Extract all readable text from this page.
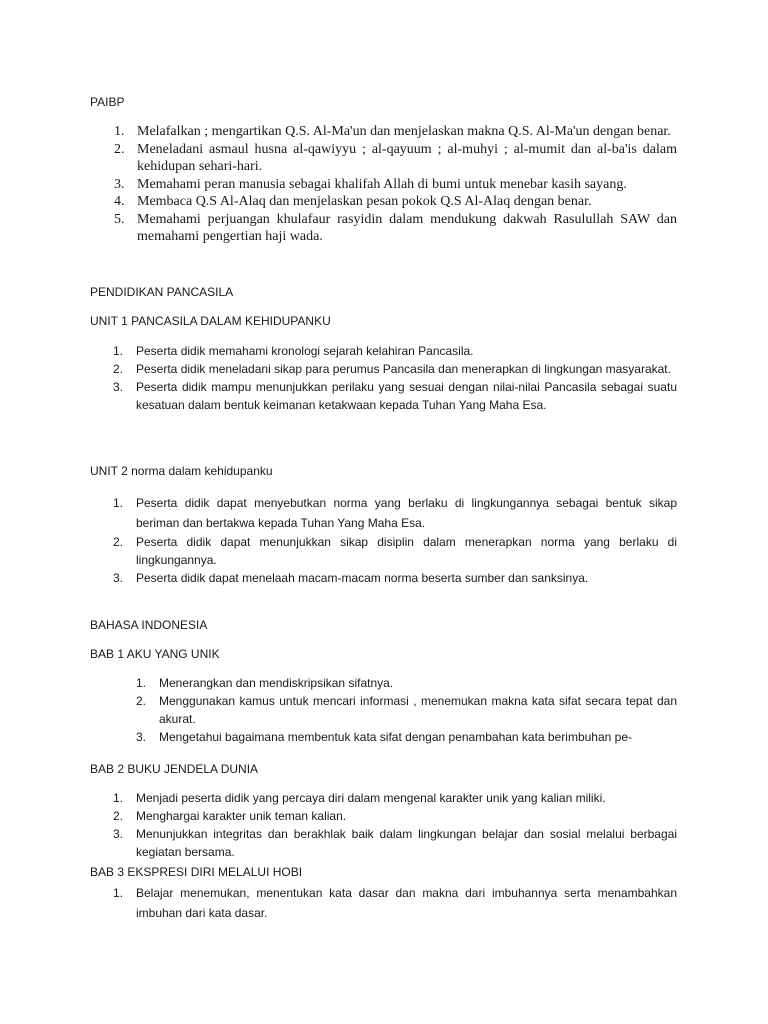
PAIBP
1. Melafalkan ; mengartikan Q.S. Al-Ma'un dan menjelaskan makna Q.S. Al-Ma'un dengan benar.
2. Meneladani asmaul husna al-qawiyyu ; al-qayuum ; al-muhyi ; al-mumit dan al-ba'is dalam kehidupan sehari-hari.
3. Memahami peran manusia sebagai khalifah Allah di bumi untuk menebar kasih sayang.
4. Membaca Q.S Al-Alaq dan menjelaskan pesan pokok Q.S Al-Alaq dengan benar.
5. Memahami perjuangan khulafaur rasyidin dalam mendukung dakwah Rasulullah SAW dan memahami pengertian haji wada.
PENDIDIKAN PANCASILA
UNIT 1 PANCASILA DALAM KEHIDUPANKU
1. Peserta didik memahami kronologi sejarah kelahiran Pancasila.
2. Peserta didik meneladani sikap para perumus Pancasila dan menerapkan di lingkungan masyarakat.
3. Peserta didik mampu menunjukkan perilaku yang sesuai dengan nilai-nilai Pancasila sebagai suatu kesatuan dalam bentuk keimanan ketakwaan kepada Tuhan Yang Maha Esa.
UNIT 2 norma dalam kehidupanku
1. Peserta didik dapat menyebutkan norma yang berlaku di lingkungannya sebagai bentuk sikap beriman dan bertakwa kepada Tuhan Yang Maha Esa.
2. Peserta didik dapat menunjukkan sikap disiplin dalam menerapkan norma yang berlaku di lingkungannya.
3. Peserta didik dapat menelaah macam-macam norma beserta sumber dan sanksinya.
BAHASA INDONESIA
BAB 1 AKU YANG UNIK
1. Menerangkan dan mendiskripsikan sifatnya.
2. Menggunakan kamus untuk mencari informasi , menemukan makna kata sifat secara tepat dan akurat.
3. Mengetahui bagaimana membentuk kata sifat dengan penambahan kata berimbuhan pe-
BAB 2 BUKU JENDELA DUNIA
1. Menjadi peserta didik yang percaya diri dalam mengenal karakter unik yang kalian miliki.
2. Menghargai karakter unik teman kalian.
3. Menunjukkan integritas dan berakhlak baik dalam lingkungan belajar dan sosial melalui berbagai kegiatan bersama.
BAB 3 EKSPRESI DIRI MELALUI HOBI
1. Belajar menemukan, menentukan kata dasar dan makna dari imbuhannya serta menambahkan imbuhan dari kata dasar.
